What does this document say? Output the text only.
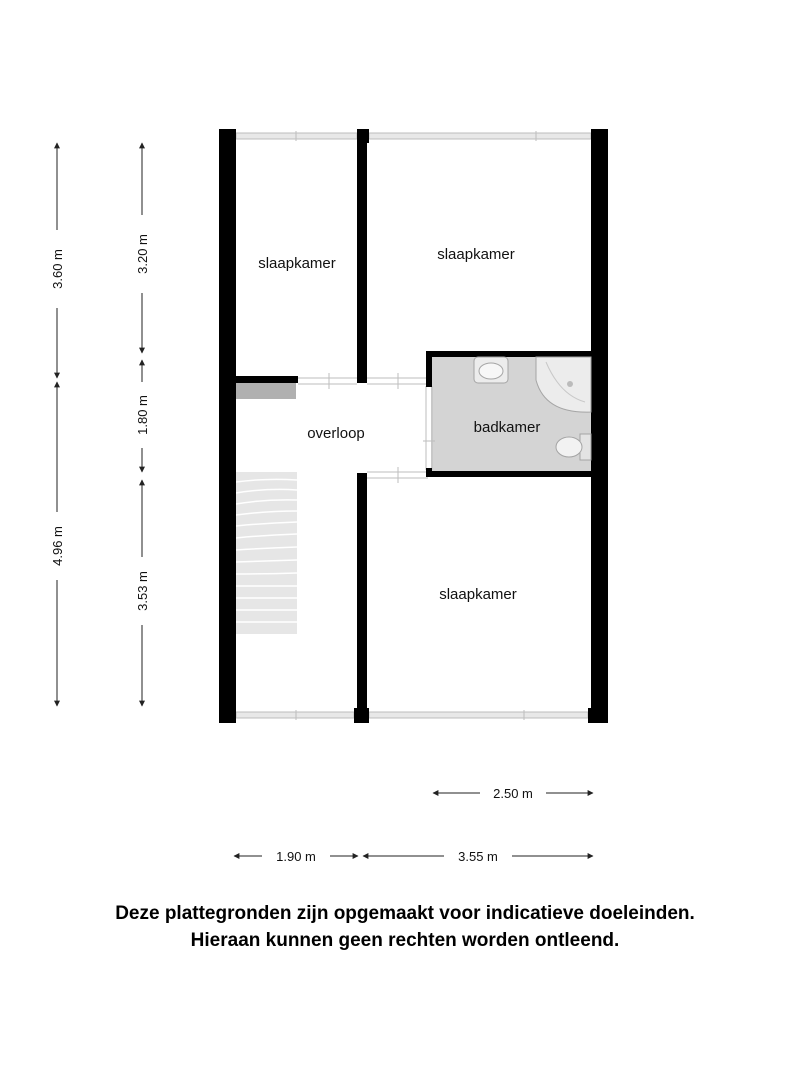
slaapkamer
slaapkamer
overloop	badkamer
slaapkamer
3.60 m
4.96 m
3.20 m
1.80 m
3.53 m
2.50 m
1.90 m	3.55 m
Deze plattegronden zijn opgemaakt voor indicatieve doeleinden.
Hieraan kunnen geen rechten worden ontleend.
